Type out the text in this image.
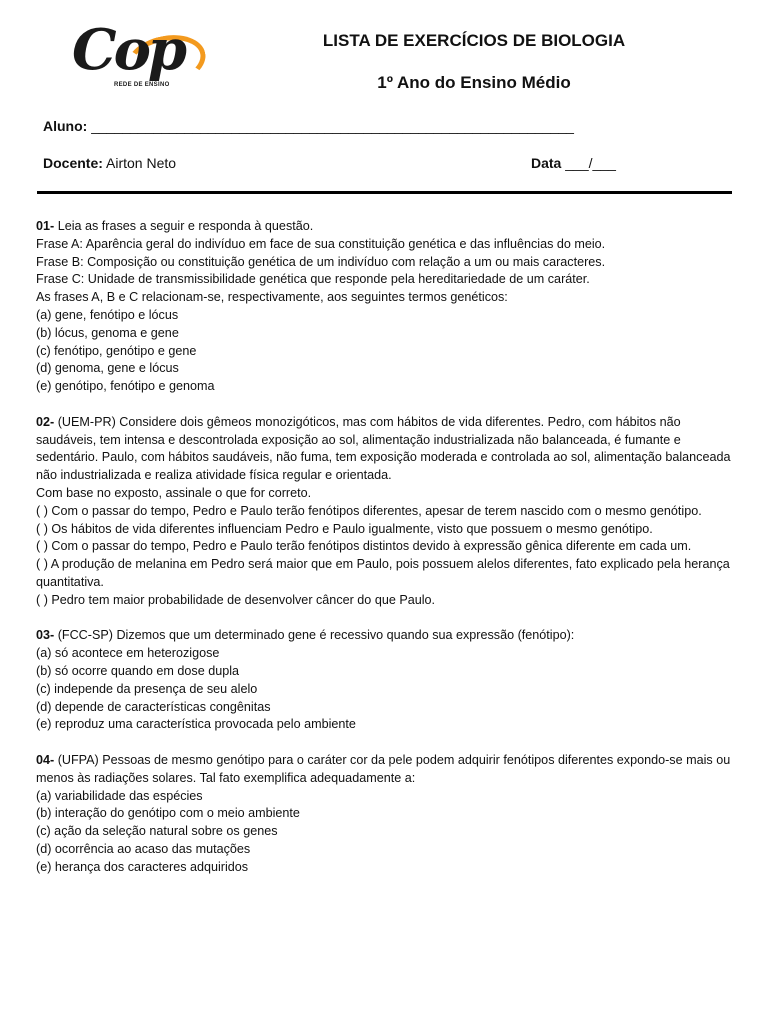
Cop
REDE DE ENSINO
LISTA DE EXERCÍCIOS DE BIOLOGIA
1º Ano do Ensino Médio
Aluno: ______________________________________________________________
Docente: Airton Neto	Data ___/___

01- Leia as frases a seguir e responda à questão.

Frase A: Aparência geral do indivíduo em face de sua constituição genética e das influências do meio.

Frase B: Composição ou constituição genética de um indivíduo com relação a um ou mais caracteres.

Frase C: Unidade de transmissibilidade genética que responde pela hereditariedade de um caráter.

As frases A, B e C relacionam-se, respectivamente, aos seguintes termos genéticos:

(a) gene, fenótipo e lócus

(b) lócus, genoma e gene

(c) fenótipo, genótipo e gene

(d) genoma, gene e lócus

(e) genótipo, fenótipo e genoma

02- (UEM-PR) Considere dois gêmeos monozigóticos, mas com hábitos de vida diferentes. Pedro, com hábitos não saudáveis, tem intensa e descontrolada exposição ao sol, alimentação industrializada não balanceada, é fumante e sedentário. Paulo, com hábitos saudáveis, não fuma, tem exposição moderada e controlada ao sol, alimentação balanceada não industrializada e realiza atividade física regular e orientada.

Com base no exposto, assinale o que for correto.

( ) Com o passar do tempo, Pedro e Paulo terão fenótipos diferentes, apesar de terem nascido com o mesmo genótipo.

( ) Os hábitos de vida diferentes influenciam Pedro e Paulo igualmente, visto que possuem o mesmo genótipo.

( ) Com o passar do tempo, Pedro e Paulo terão fenótipos distintos devido à expressão gênica diferente em cada um.

( ) A produção de melanina em Pedro será maior que em Paulo, pois possuem alelos diferentes, fato explicado pela herança quantitativa.

( ) Pedro tem maior probabilidade de desenvolver câncer do que Paulo.

03- (FCC-SP) Dizemos que um determinado gene é recessivo quando sua expressão (fenótipo):

(a) só acontece em heterozigose

(b) só ocorre quando em dose dupla

(c) independe da presença de seu alelo

(d) depende de características congênitas

(e) reproduz uma característica provocada pelo ambiente

04- (UFPA) Pessoas de mesmo genótipo para o caráter cor da pele podem adquirir fenótipos diferentes expondo-se mais ou menos às radiações solares. Tal fato exemplifica adequadamente a:

(a) variabilidade das espécies

(b) interação do genótipo com o meio ambiente

(c) ação da seleção natural sobre os genes

(d) ocorrência ao acaso das mutações

(e) herança dos caracteres adquiridos
